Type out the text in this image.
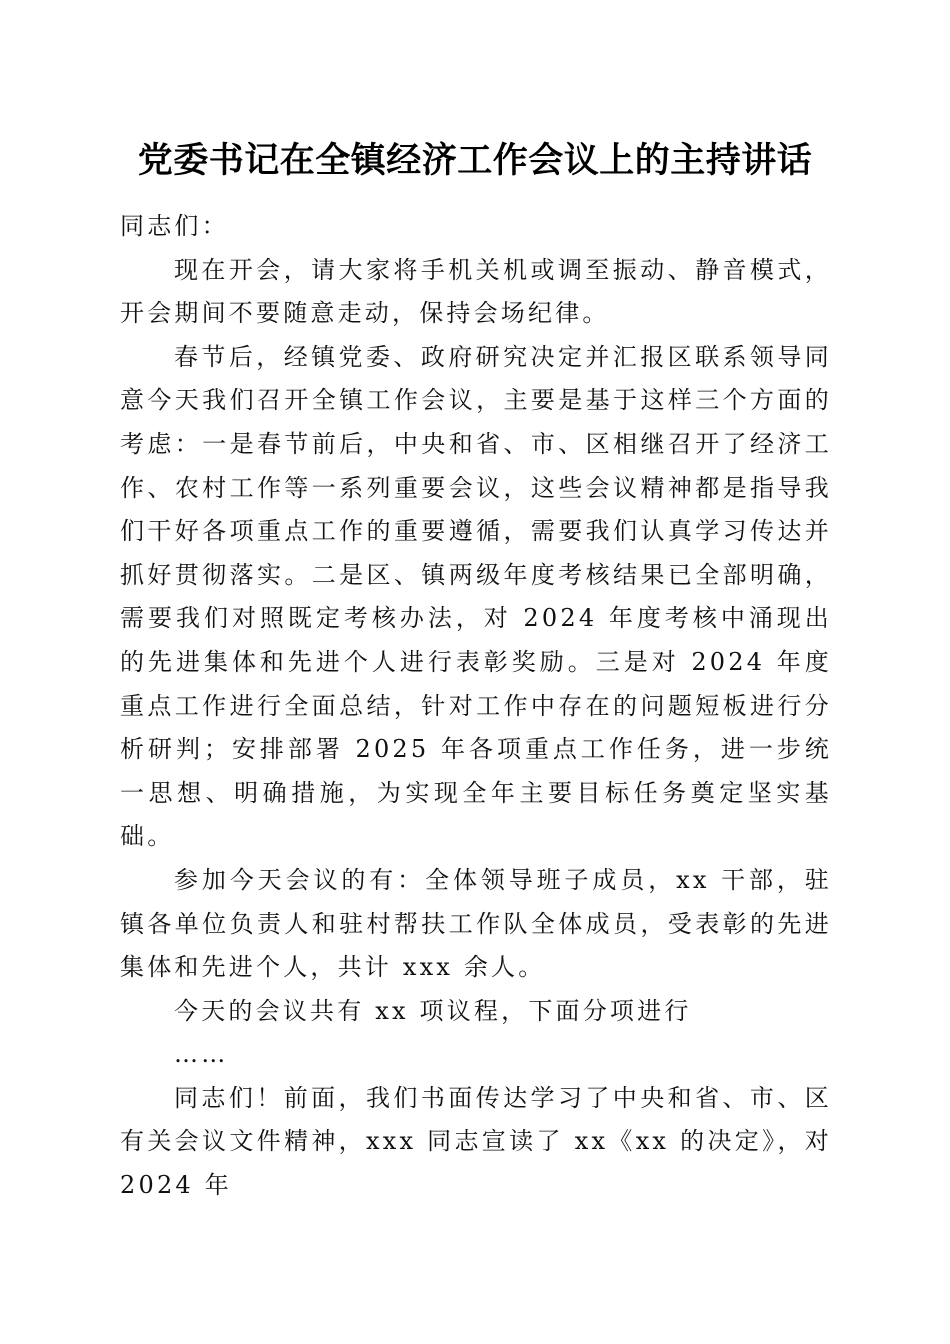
党委书记在全镇经济工作会议上的主持讲话

同志们：

现在开会，请大家将手机关机或调至振动、静音模式，开会期间不要随意走动，保持会场纪律。

春节后，经镇党委、政府研究决定并汇报区联系领导同意今天我们召开全镇工作会议，主要是基于这样三个方面的考虑：一是春节前后，中央和省、市、区相继召开了经济工作、农村工作等一系列重要会议，这些会议精神都是指导我们干好各项重点工作的重要遵循，需要我们认真学习传达并抓好贯彻落实。二是区、镇两级年度考核结果已全部明确，需要我们对照既定考核办法，对 2024 年度考核中涌现出的先进集体和先进个人进行表彰奖励。三是对 2024 年度重点工作进行全面总结，针对工作中存在的问题短板进行分析研判；安排部署 2025 年各项重点工作任务，进一步统一思想、明确措施，为实现全年主要目标任务奠定坚实基础。

参加今天会议的有：全体领导班子成员，xx 干部，驻镇各单位负责人和驻村帮扶工作队全体成员，受表彰的先进集体和先进个人，共计 xxx 余人。

今天的会议共有 xx 项议程，下面分项进行

……

同志们！前面，我们书面传达学习了中央和省、市、区有关会议文件精神，xxx 同志宣读了 xx《xx 的决定》，对 2024 年
